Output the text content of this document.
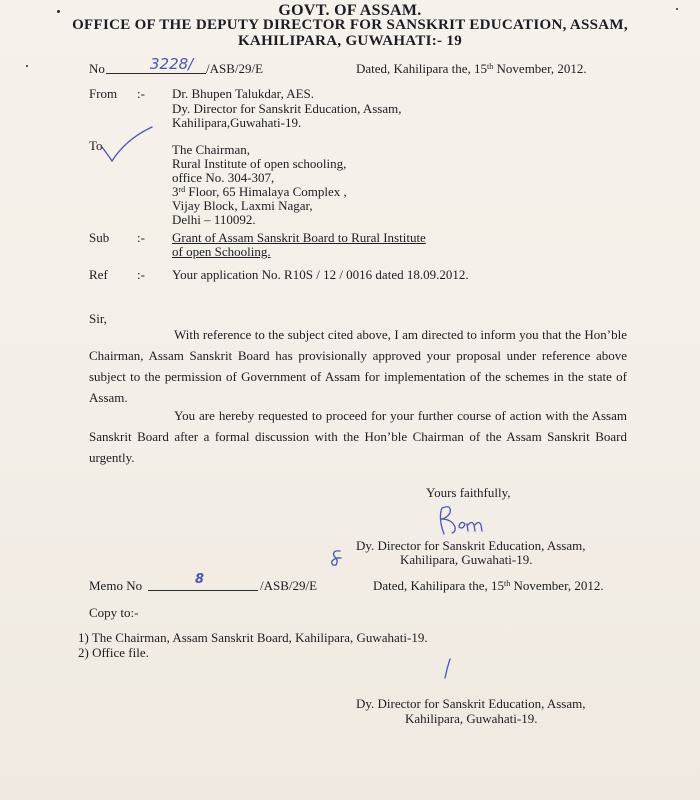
GOVT. OF ASSAM.
OFFICE OF THE DEPUTY DIRECTOR FOR SANSKRIT EDUCATION, ASSAM,
KAHILIPARA, GUWAHATI:- 19
No	3228/ /ASB/29/E	Dated, Kahilipara the, 15th November, 2012.
From :- Dr. Bhupen Talukdar, AES.
Dy. Director for Sanskrit Education, Assam,
Kahilipara,Guwahati-19.
To	The Chairman,
Rural Institute of open schooling,
office No. 304-307,
3rd Floor, 65 Himalaya Complex ,
Vijay Block, Laxmi Nagar,
Delhi – 110092.
Sub :- Grant of Assam Sanskrit Board to Rural Institute
of open Schooling.
Ref :- Your application No. R10S / 12 / 0016 dated 18.09.2012.
Sir,
With reference to the subject cited above, I am directed to inform you that the Hon’ble Chairman, Assam Sanskrit Board has provisionally approved your proposal under reference above subject to the permission of Government of Assam for implementation of the schemes in the state of Assam.
You are hereby requested to proceed for your further course of action with the Assam Sanskrit Board after a formal discussion with the Hon’ble Chairman of the Assam Sanskrit Board urgently.
Yours faithfully,
Dy. Director for Sanskrit Education, Assam,
Kahilipara, Guwahati-19.
Memo No	8	/ASB/29/E	Dated, Kahilipara the, 15th November, 2012.
Copy to:-
1) The Chairman, Assam Sanskrit Board, Kahilipara, Guwahati-19.
2) Office file.
Dy. Director for Sanskrit Education, Assam,
Kahilipara, Guwahati-19.
